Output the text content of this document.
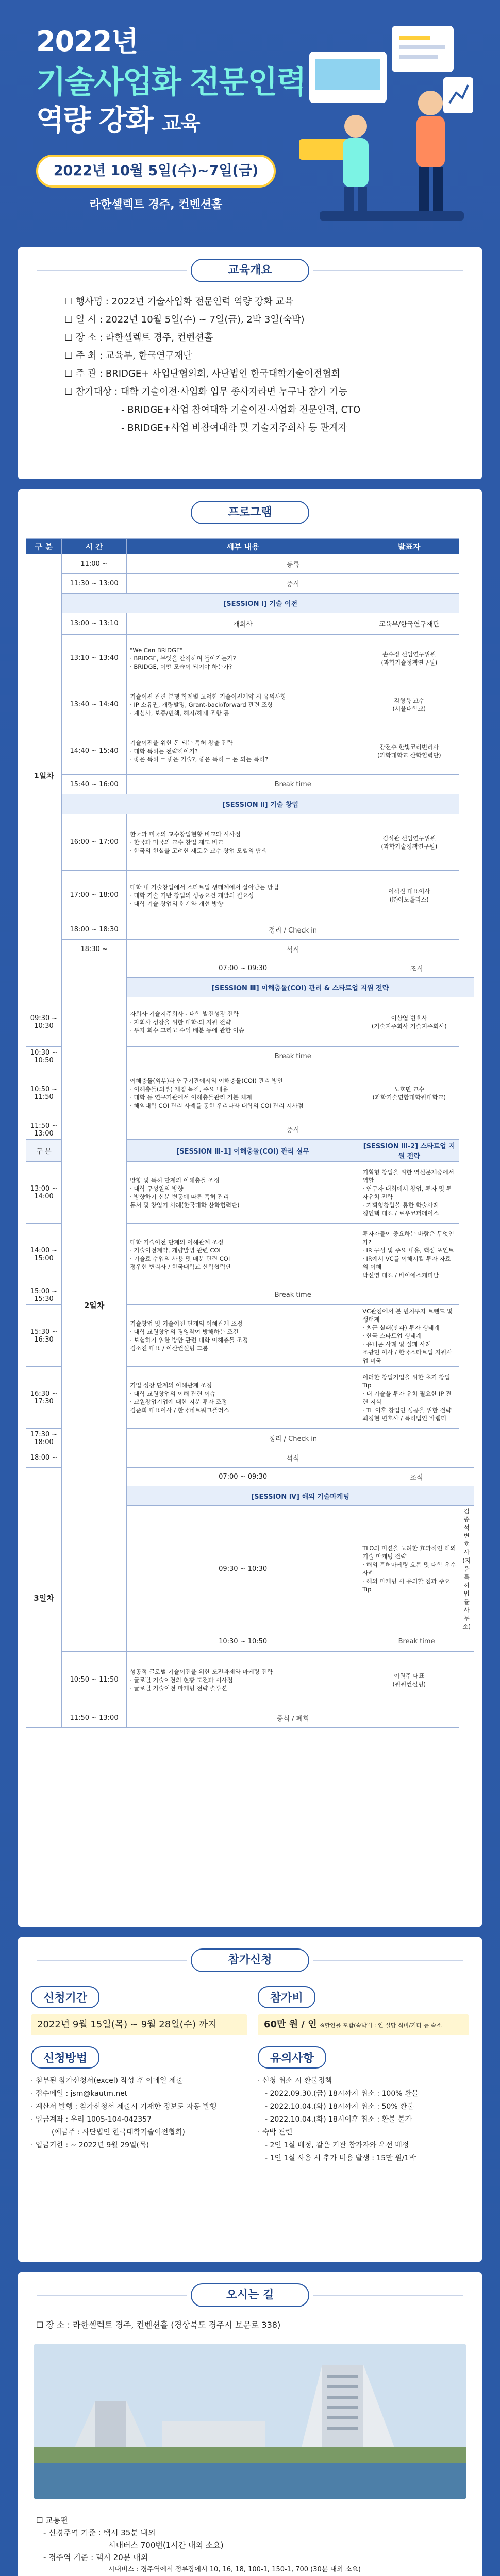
2022년
기술사업화 전문인력
역량 강화 교육
2022년 10월 5일(수)~7일(금)
라한셀렉트 경주, 컨벤션홀
교육개요
☐ 행사명 : 2022년 기술사업화 전문인력 역량 강화 교육
☐ 일 시 : 2022년 10월 5일(수) ~ 7일(금), 2박 3일(숙박)
☐ 장 소 : 라한셀렉트 경주, 컨벤션홀
☐ 주 최 : 교육부, 한국연구재단
☐ 주 관 : BRIDGE+ 사업단협의회, 사단법인 한국대학기술이전협회
☐ 참가대상 : 대학 기술이전·사업화 업무 종사자라면 누구나 참가 가능
- BRIDGE+사업 참여대학 기술이전·사업화 전문인력, CTO
- BRIDGE+사업 비참여대학 및 기술지주회사 등 관계자
프로그램
구 분	시 간	세부 내용	발표자	
1일차	11:00 ~	등록		
	11:30 ~ 13:00	중식		
	[SESSION Ⅰ] 기술 이전			
	13:00 ~ 13:10	개회사	교육부/한국연구재단	
	13:10 ~ 13:40	"We Can BRIDGE"
· BRIDGE, 무엇을 간직하며 돌아가는가?
· BRIDGE, 어떤 모습이 되어야 하는가?	손수정 선임연구위원
(과학기술정책연구원)	
	13:40 ~ 14:40	기술이전 관련 분쟁 학제별 고려한 기술이전계약 시 유의사항
· IP 소유권, 개량발명, Grant-back/forward 관련 조항
· 재심사, 보증/면책, 해지/해제 조항 등	김형욱 교수
(서울대학교)	
	14:40 ~ 15:40	기술이전을 위한 돈 되는 특허 창출 전략
· 대학 특허는 전략적이기?
· 좋은 특허 = 좋은 기술?, 좋은 특허 = 돈 되는 특허?	강전수 한빛코리변리사
(과학대학교 산학협력단)	
	15:40 ~ 16:00	Break time		
	[SESSION Ⅱ] 기술 창업			
	16:00 ~ 17:00	한국과 미국의 교수창업현황 비교와 시사점
· 한국과 미국의 교수 창업 제도 비교
· 한국의 현실을 고려한 새로운 교수 창업 모델의 탐색	김석관 선임연구위원
(과학기술정책연구원)	
	17:00 ~ 18:00	대학 내 기술창업에서 스타트업 생태계에서 살아남는 방법
· 대학 기술 기반 창업의 성공요건 개발의 필요성
· 대학 기술 창업의 한계와 개선 방향	이석진 대표이사
(㈜이노폴리스)	
	18:00 ~ 18:30	정리 / Check in		
	18:30 ~	석식		
	2일차	07:00 ~ 09:30	조식	
		[SESSION Ⅲ] 이해충돌(COI) 관리 & 스타트업 지원 전략		
09:30 ~ 10:30		자회사·기술지주회사 - 대학 발전성장 전략
· 자회사 성장을 위한 대학·외 지원 전략
· 투자 회수 그리고 수익 배분 등에 관한 이슈	이상엽 변호사
(기술지주회사 기술지주회사)	
10:30 ~ 10:50		Break time		
10:50 ~ 11:50		이해충돌(외부)과 연구기관에서의 이해충돌(COI) 관리 방안
· 이해충돌(외부) 제정 목적, 주요 내용
· 대학 등 연구기관에서 이해충돌관리 기본 체계
· 해외대학 COI 관리 사례를 통한 우리나라 대학의 COI 관리 시사점	노호민 교수
(과학기술연합대학원대학교)	
11:50 ~ 13:00		중식		
구 분		[SESSION Ⅲ-1] 이해충돌(COI) 관리 실무	[SESSION Ⅲ-2] 스타트업 지원 전략	
13:00 ~ 14:00		방향 및 특허 단계의 이해충돌 조정
· 대학 구성원의 방향
· 방향하기 신분 변동에 따른 특허 관리
동서 및 창업기 사례(한국대학 산학협력단)	기획형 창업을 위한 역설문제중에서 역할
· 연구자 대회에서 창업, 투자 및 투자유치 전략
· 기획형창업을 통한 학술사례
정인택 대표 / 로우코퍼레이스	
14:00 ~ 15:00		대학 기술이전 단계의 이해관계 조정
· 기술이전계약, 개량발명 관련 COI
· 기술료 수입의 사용 및 배분 관련 COI
정우현 변리사 / 한국대학교 산학협력단	투자자들이 중요하는 바람은 무엇인가?
· IR 구성 및 주요 내용, 핵심 포인트
· IR에서 VC를 이해시킬 투자 자료의 이해
박선영 대표 / 바이에스캐피탈	
15:00 ~ 15:30		Break time		
15:30 ~ 16:30		기술창업 및 기술이전 단계의 이해관계 조정
· 대학 교원창업의 경영참여 방해하는 조건
· 보험하기 위한 방안 관련 대학 이해충돌 조정
김소진 대표 / 이산컨설팅 그룹	VC관점에서 본 번처투자 트렌드 및 생태계
· 최근 실패(맨파) 투자 생태계
· 한국 스타트업 생태계
· 유니콘 사례 및 실패 사례
조광민 이사 / 한국스타트업 지원사업 미국	
16:30 ~ 17:30		기업 성장 단계의 이해관계 조정
· 대학 교원창업의 이해 관련 이슈
· 교원창업기업에 대한 지분 투자 조정
김준희 대표이사 / 한국네트워크플러스	이러한 창업기업을 위한 초기 창업 Tip
· 내 기술을 투자 유치 필요한 IP 관련 지식
· TL 이후 창업인 성공을 위한 전략
최정현 변호사 / 특허법인 바램티	
17:30 ~ 18:00		정리 / Check in		
18:00 ~		석식		
3일차		07:00 ~ 09:30	조식	
		[SESSION Ⅳ] 해외 기술마케팅		
		09:30 ~ 10:30	TLO의 미션을 고려한 효과적인 해외기술 마케팅 전략
· 해외 특허마케팅 흐름 및 대학 우수사례
· 해외 마케팅 시 유의할 점과 주요 Tip	김종석 변호사
(지음 특허법률사무소)
		10:30 ~ 10:50	Break time	
	10:50 ~ 11:50	성공적 글로벌 기술이전을 위한 도전과제와 마케팅 전략
· 글로벌 기술이전의 현황 도전과 시사점
· 글로벌 기술이전 마케팅 전략 솔루션	이원주 대표
(윈윈컨설팅)	
	11:50 ~ 13:00	중식 / 폐회		
참가신청
신청기간
2022년 9월 15일(목) ~ 9월 28일(수) 까지
신청방법
· 첨부된 참가신청서(excel) 작성 후 이메일 제출
· 접수메일 : jsm@kautm.net
· 계산서 발행 : 참가신청서 제출시 기재한 정보로 자동 발행
· 입금계좌 : 우리 1005-104-042357
(예금주 : 사단법인 한국대학기술이전협회)
· 입금기한 : ~ 2022년 9월 29일(목)
참가비
60만 원 / 인 ※할인률 포함(숙박비 : 인 실당 식비/기타 등 숙소
유의사항
· 신청 취소 시 환불정책
- 2022.09.30.(금) 18시까지 취소 : 100% 환불
- 2022.10.04.(화) 18시까지 취소 : 50% 환불
- 2022.10.04.(화) 18시이후 취소 : 환불 불가
· 숙박 관련
- 2인 1실 배정, 같은 기관 참가자와 우선 배정
- 1인 1실 사용 시 추가 비용 발생 : 15만 원/1박
오시는 길
☐ 장 소 : 라한셀렉트 경주, 컨벤션홀 (경상북도 경주시 보문로 338)
☐ 교통편
- 신경주역 기준 : 택시 35분 내외
시내버스 700번(1시간 내외 소요)
- 경주역 기준 : 택시 20분 내외
시내버스 : 경주역에서 정류장에서 10, 16, 18, 100-1, 150-1, 700 (30분 내외 소요)
